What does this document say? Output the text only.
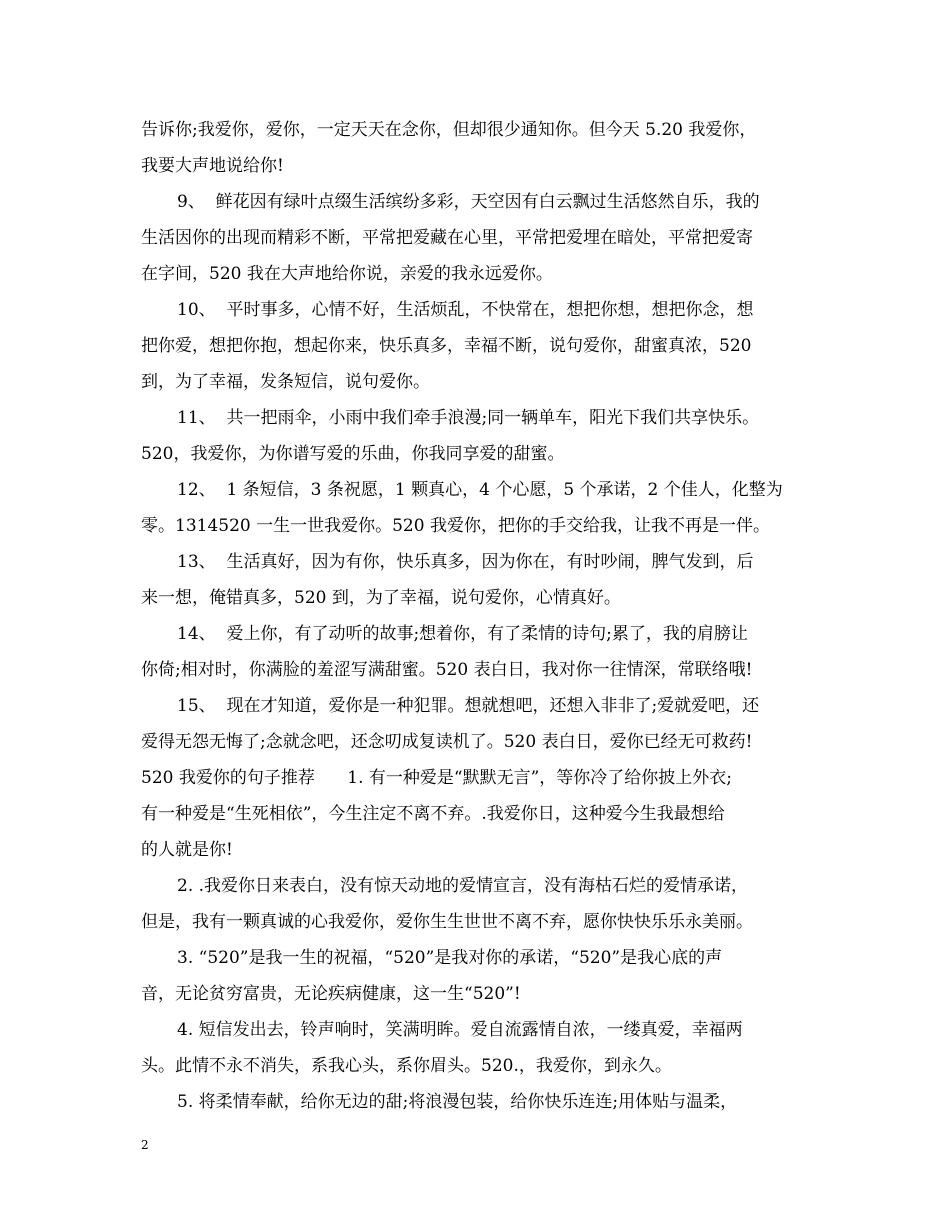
告诉你;我爱你，爱你，一定天天在念你，但却很少通知你。但今天 5.20 我爱你，
我要大声地说给你!
9、  鲜花因有绿叶点缀生活缤纷多彩，天空因有白云飘过生活悠然自乐，我的
生活因你的出现而精彩不断，平常把爱藏在心里，平常把爱埋在暗处，平常把爱寄
在字间，520 我在大声地给你说，亲爱的我永远爱你。
10、  平时事多，心情不好，生活烦乱，不快常在，想把你想，想把你念，想
把你爱，想把你抱，想起你来，快乐真多，幸福不断，说句爱你，甜蜜真浓，520
到，为了幸福，发条短信，说句爱你。
11、  共一把雨伞，小雨中我们牵手浪漫;同一辆单车，阳光下我们共享快乐。
520，我爱你，为你谱写爱的乐曲，你我同享爱的甜蜜。
12、  1 条短信，3 条祝愿，1 颗真心，4 个心愿，5 个承诺，2 个佳人，化整为
零。1314520 一生一世我爱你。520 我爱你，把你的手交给我，让我不再是一伴。
13、  生活真好，因为有你，快乐真多，因为你在，有时吵闹，脾气发到，后
来一想，俺错真多，520 到，为了幸福，说句爱你，心情真好。
14、  爱上你，有了动听的故事;想着你，有了柔情的诗句;累了，我的肩膀让
你倚;相对时，你满脸的羞涩写满甜蜜。520 表白日，我对你一往情深，常联络哦!
15、  现在才知道，爱你是一种犯罪。想就想吧，还想入非非了;爱就爱吧，还
爱得无怨无悔了;念就念吧，还念叨成复读机了。520 表白日，爱你已经无可救药!
520 我爱你的句子推荐      1. 有一种爱是“默默无言”，等你冷了给你披上外衣;
有一种爱是“生死相依”，今生注定不离不弃。.我爱你日，这种爱今生我最想给
的人就是你!
2. .我爱你日来表白，没有惊天动地的爱情宣言，没有海枯石烂的爱情承诺，
但是，我有一颗真诚的心我爱你，爱你生生世世不离不弃，愿你快快乐乐永美丽。
3. “520”是我一生的祝福，“520”是我对你的承诺，“520”是我心底的声
音，无论贫穷富贵，无论疾病健康，这一生“520”!
4. 短信发出去，铃声响时，笑满明眸。爱自流露情自浓，一缕真爱，幸福两
头。此情不永不消失，系我心头，系你眉头。520.，我爱你，到永久。
5. 将柔情奉献，给你无边的甜;将浪漫包装，给你快乐连连;用体贴与温柔，
2
